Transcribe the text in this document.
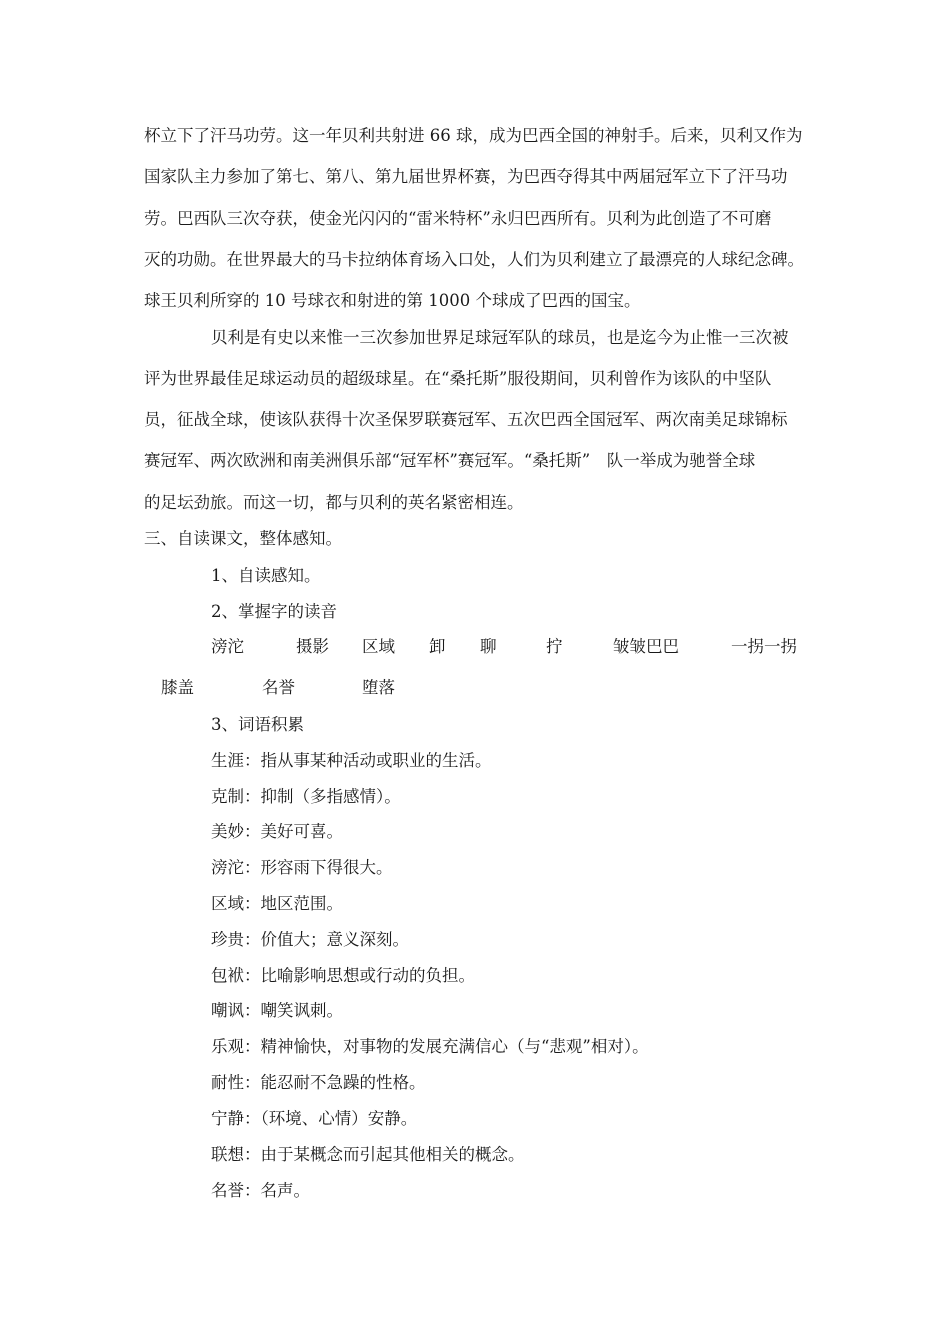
杯立下了汗马功劳。这一年贝利共射进 66 球，成为巴西全国的神射手。后来，贝利又作为
国家队主力参加了第七、第八、第九届世界杯赛，为巴西夺得其中两届冠军立下了汗马功
劳。巴西队三次夺获，使金光闪闪的“雷米特杯”永归巴西所有。贝利为此创造了不可磨
灭的功勋。在世界最大的马卡拉纳体育场入口处，人们为贝利建立了最漂亮的人球纪念碑。
球王贝利所穿的 10 号球衣和射进的第 1000 个球成了巴西的国宝。
贝利是有史以来惟一三次参加世界足球冠军队的球员，也是迄今为止惟一三次被
评为世界最佳足球运动员的超级球星。在“桑托斯”服役期间，贝利曾作为该队的中坚队
员，征战全球，使该队获得十次圣保罗联赛冠军、五次巴西全国冠军、两次南美足球锦标
赛冠军、两次欧洲和南美洲俱乐部“冠军杯”赛冠军。“桑托斯”　队一举成为驰誉全球
的足坛劲旅。而这一切，都与贝利的英名紧密相连。
三、自读课文，整体感知。
1、自读感知。
2、掌握字的读音
滂沱	摄影 区域 卸 聊	拧	皱皱巴巴	一拐一拐
膝盖	名誉	堕落
3、词语积累
生涯：指从事某种活动或职业的生活。
克制：抑制（多指感情）。
美妙：美好可喜。
滂沱：形容雨下得很大。
区域：地区范围。
珍贵：价值大；意义深刻。
包袱：比喻影响思想或行动的负担。
嘲讽：嘲笑讽刺。
乐观：精神愉快，对事物的发展充满信心（与“悲观”相对）。
耐性：能忍耐不急躁的性格。
宁静：（环境、心情）安静。
联想：由于某概念而引起其他相关的概念。
名誉：名声。
